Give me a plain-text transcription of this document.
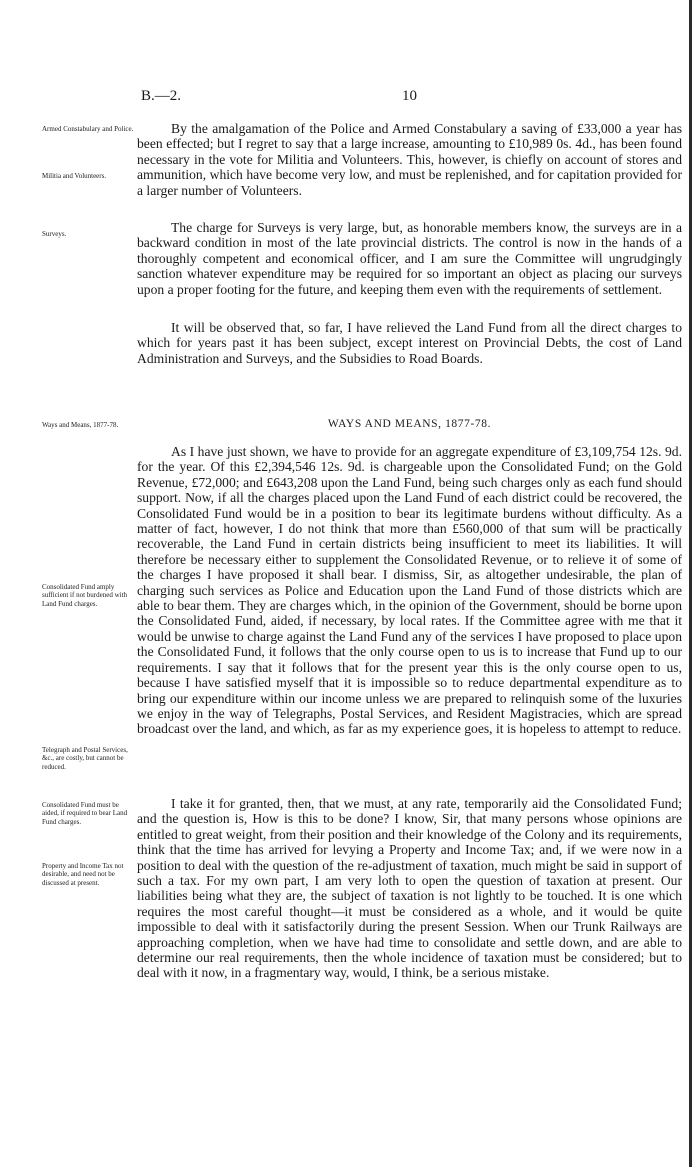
B.—2.	10
Armed Constabulary and Police.
Militia and Volunteers.
Surveys.
Ways and Means, 1877-78.
Consolidated Fund amply sufficient if not burdened with Land Fund charges.
Telegraph and Postal Services, &c., are costly, but cannot be reduced.
Consolidated Fund must be aided, if required to bear Land Fund charges.
Property and Income Tax not desirable, and need not be discussed at present.

By the amalgamation of the Police and Armed Constabulary a saving of £33,000 a year has been effected; but I regret to say that a large increase, amounting to £10,989 0s. 4d., has been found necessary in the vote for Militia and Volunteers. This, however, is chiefly on account of stores and ammunition, which have become very low, and must be replenished, and for capitation provided for a larger number of Volunteers.

The charge for Surveys is very large, but, as honorable members know, the surveys are in a backward condition in most of the late provincial districts. The control is now in the hands of a thoroughly competent and economical officer, and I am sure the Committee will ungrudgingly sanction whatever expenditure may be required for so important an object as placing our surveys upon a proper footing for the future, and keeping them even with the requirements of settlement.

It will be observed that, so far, I have relieved the Land Fund from all the direct charges to which for years past it has been subject, except interest on Provincial Debts, the cost of Land Administration and Surveys, and the Subsidies to Road Boards.

WAYS AND MEANS, 1877-78.

As I have just shown, we have to provide for an aggregate expenditure of £3,109,754 12s. 9d. for the year. Of this £2,394,546 12s. 9d. is chargeable upon the Consolidated Fund; on the Gold Revenue, £72,000; and £643,208 upon the Land Fund, being such charges only as each fund should support. Now, if all the charges placed upon the Land Fund of each district could be recovered, the Consolidated Fund would be in a position to bear its legitimate burdens without difficulty. As a matter of fact, however, I do not think that more than £560,000 of that sum will be practically recoverable, the Land Fund in certain districts being insufficient to meet its liabilities. It will therefore be necessary either to supplement the Consolidated Revenue, or to relieve it of some of the charges I have proposed it shall bear. I dismiss, Sir, as altogether undesirable, the plan of charging such services as Police and Education upon the Land Fund of those districts which are able to bear them. They are charges which, in the opinion of the Government, should be borne upon the Consolidated Fund, aided, if necessary, by local rates. If the Committee agree with me that it would be unwise to charge against the Land Fund any of the services I have proposed to place upon the Consolidated Fund, it follows that the only course open to us is to increase that Fund up to our requirements. I say that it follows that for the present year this is the only course open to us, because I have satisfied myself that it is impossible so to reduce departmental expenditure as to bring our expenditure within our income unless we are prepared to relinquish some of the luxuries we enjoy in the way of Telegraphs, Postal Services, and Resident Magistracies, which are spread broadcast over the land, and which, as far as my experience goes, it is hopeless to attempt to reduce.

I take it for granted, then, that we must, at any rate, temporarily aid the Consolidated Fund; and the question is, How is this to be done? I know, Sir, that many persons whose opinions are entitled to great weight, from their position and their knowledge of the Colony and its requirements, think that the time has arrived for levying a Property and Income Tax; and, if we were now in a position to deal with the question of the re-adjustment of taxation, much might be said in support of such a tax. For my own part, I am very loth to open the question of taxation at present. Our liabilities being what they are, the subject of taxation is not lightly to be touched. It is one which requires the most careful thought—it must be considered as a whole, and it would be quite impossible to deal with it satisfactorily during the present Session. When our Trunk Railways are approaching completion, when we have had time to consolidate and settle down, and are able to determine our real requirements, then the whole incidence of taxation must be considered; but to deal with it now, in a fragmentary way, would, I think, be a serious mistake.
